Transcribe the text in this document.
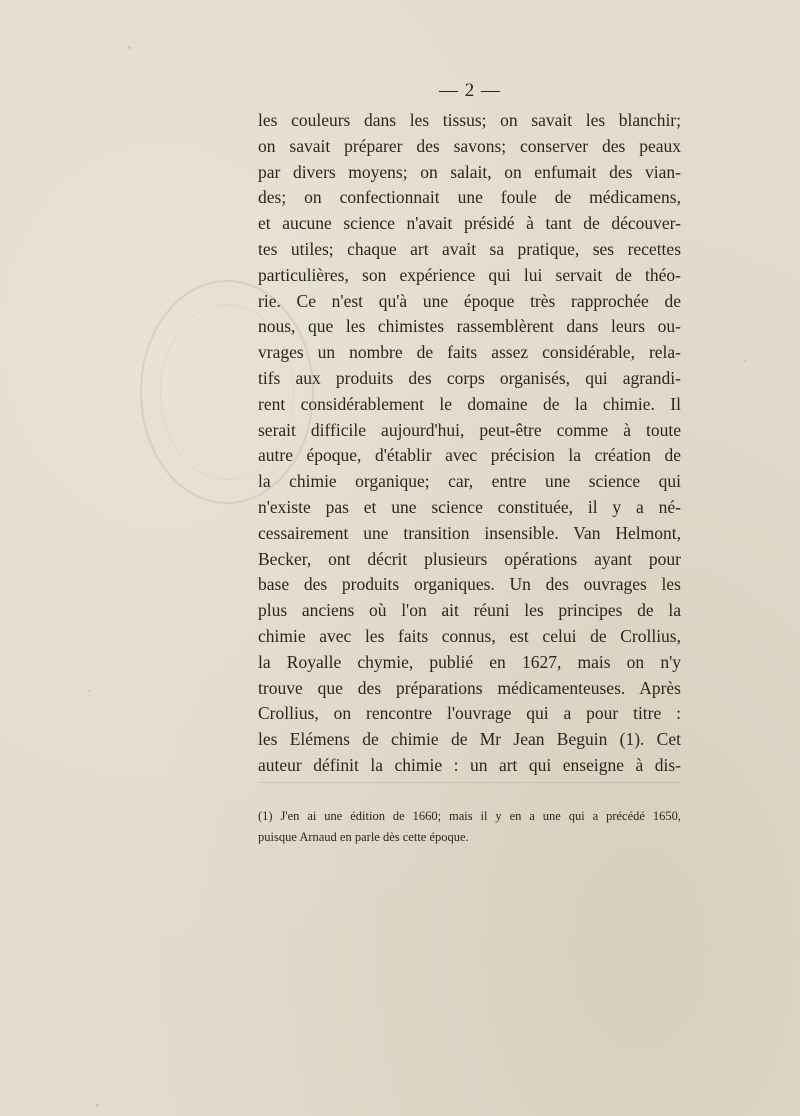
— 2 —
les couleurs dans les tissus; on savait les blanchir;
on savait préparer des savons; conserver des peaux
par divers moyens; on salait, on enfumait des vian-
des; on confectionnait une foule de médicamens,
et aucune science n'avait présidé à tant de découver-
tes utiles; chaque art avait sa pratique, ses recettes
particulières, son expérience qui lui servait de théo-
rie. Ce n'est qu'à une époque très rapprochée de
nous, que les chimistes rassemblèrent dans leurs ou-
vrages un nombre de faits assez considérable, rela-
tifs aux produits des corps organisés, qui agrandi-
rent considérablement le domaine de la chimie. Il
serait difficile aujourd'hui, peut-être comme à toute
autre époque, d'établir avec précision la création de
la chimie organique; car, entre une science qui
n'existe pas et une science constituée, il y a né-
cessairement une transition insensible. Van Helmont,
Becker, ont décrit plusieurs opérations ayant pour
base des produits organiques. Un des ouvrages les
plus anciens où l'on ait réuni les principes de la
chimie avec les faits connus, est celui de Crollius,
la Royalle chymie, publié en 1627, mais on n'y
trouve que des préparations médicamenteuses. Après
Crollius, on rencontre l'ouvrage qui a pour titre :
les Elémens de chimie de Mr Jean Beguin (1). Cet
auteur définit la chimie : un art qui enseigne à dis-
(1) J'en ai une édition de 1660; mais il y en a une qui a précédé 1650,
puisque Arnaud en parle dès cette époque.
